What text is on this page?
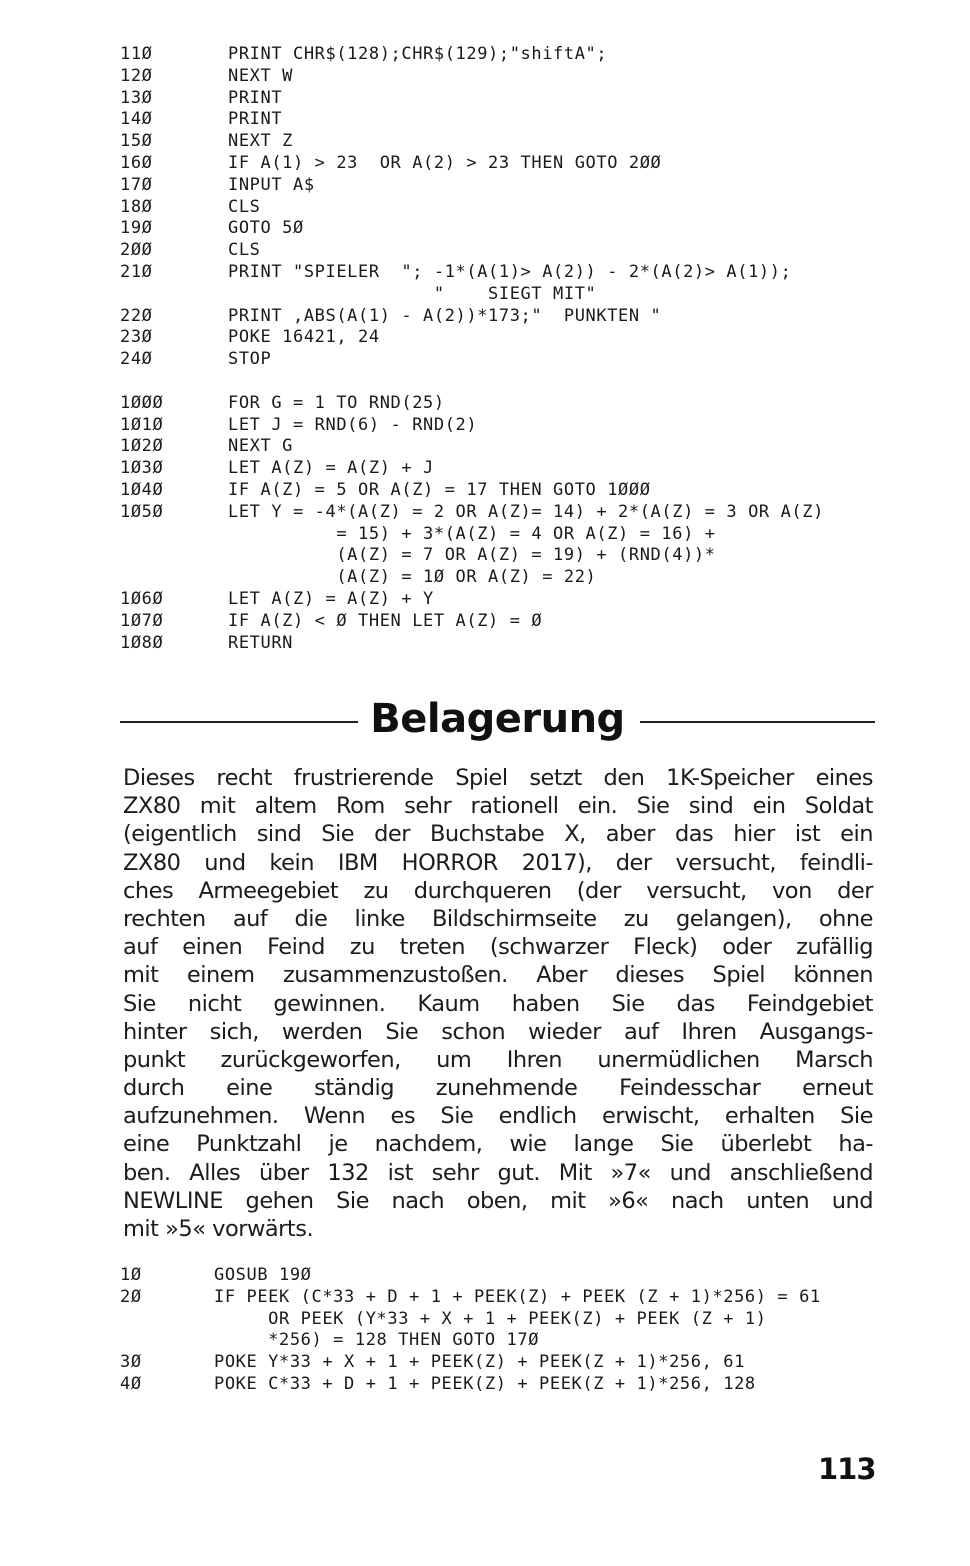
11Ø	PRINT CHR$(128);CHR$(129);"shiftA";
12Ø	NEXT W
13Ø	PRINT
14Ø	PRINT
15Ø	NEXT Z
16Ø	IF A(1) > 23  OR A(2) > 23 THEN GOTO 2ØØ
17Ø	INPUT A$
18Ø	CLS
19Ø	GOTO 5Ø
2ØØ	CLS
21Ø	PRINT "SPIELER  "; -1*(A(1)> A(2)) - 2*(A(2)> A(1));
"    SIEGT MIT"
22Ø	PRINT ,ABS(A(1) - A(2))*173;"  PUNKTEN "
23Ø	POKE 16421, 24
24Ø	STOP
1ØØØ	FOR G = 1 TO RND(25)
1Ø1Ø	LET J = RND(6) - RND(2)
1Ø2Ø	NEXT G
1Ø3Ø	LET A(Z) = A(Z) + J
1Ø4Ø	IF A(Z) = 5 OR A(Z) = 17 THEN GOTO 1ØØØ
1Ø5Ø	LET Y = -4*(A(Z) = 2 OR A(Z)= 14) + 2*(A(Z) = 3 OR A(Z)
= 15) + 3*(A(Z) = 4 OR A(Z) = 16) +
(A(Z) = 7 OR A(Z) = 19) + (RND(4))*
(A(Z) = 1Ø OR A(Z) = 22)
1Ø6Ø	LET A(Z) = A(Z) + Y
1Ø7Ø	IF A(Z) < Ø THEN LET A(Z) = Ø
1Ø8Ø	RETURN
Belagerung
Dieses recht frustrierende Spiel setzt den 1K-Speicher eines
ZX80 mit altem Rom sehr rationell ein. Sie sind ein Soldat
(eigentlich sind Sie der Buchstabe X, aber das hier ist ein
ZX80 und kein IBM HORROR 2017), der versucht, feindli-
ches Armeegebiet zu durchqueren (der versucht, von der
rechten auf die linke Bildschirmseite zu gelangen), ohne
auf einen Feind zu treten (schwarzer Fleck) oder zufällig
mit einem zusammenzustoßen. Aber dieses Spiel können
Sie nicht gewinnen. Kaum haben Sie das Feindgebiet
hinter sich, werden Sie schon wieder auf Ihren Ausgangs-
punkt zurückgeworfen, um Ihren unermüdlichen Marsch
durch eine ständig zunehmende Feindesschar erneut
aufzunehmen. Wenn es Sie endlich erwischt, erhalten Sie
eine Punktzahl je nachdem, wie lange Sie überlebt ha-
ben. Alles über 132 ist sehr gut. Mit »7« und anschließend
NEWLINE gehen Sie nach oben, mit »6« nach unten und
mit »5« vorwärts.
1Ø	GOSUB 19Ø
2Ø	IF PEEK (C*33 + D + 1 + PEEK(Z) + PEEK (Z + 1)*256) = 61
OR PEEK (Y*33 + X + 1 + PEEK(Z) + PEEK (Z + 1)
*256) = 128 THEN GOTO 17Ø
3Ø	POKE Y*33 + X + 1 + PEEK(Z) + PEEK(Z + 1)*256, 61
4Ø	POKE C*33 + D + 1 + PEEK(Z) + PEEK(Z + 1)*256, 128
113
